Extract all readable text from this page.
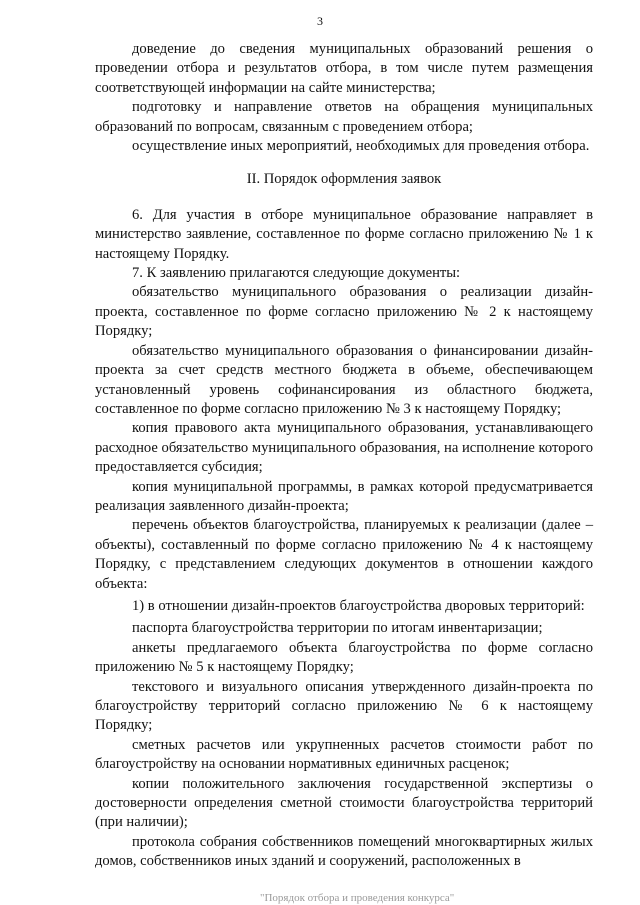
3

доведение до сведения муниципальных образований решения о проведении отбора и результатов отбора, в том числе путем размещения соответствующей информации на сайте министерства;

подготовку и направление ответов на обращения муниципальных образований по вопросам, связанным с проведением отбора;

осуществление иных мероприятий, необходимых для проведения отбора.

II. Порядок оформления заявок

6. Для участия в отборе муниципальное образование направляет в министерство заявление, составленное по форме согласно приложению № 1 к настоящему Порядку.

7. К заявлению прилагаются следующие документы:

обязательство муниципального образования о реализации дизайн-проекта, составленное по форме согласно приложению № 2 к настоящему Порядку;

обязательство муниципального образования о финансировании дизайн-проекта за счет средств местного бюджета в объеме, обеспечивающем установленный уровень софинансирования из областного бюджета, составленное по форме согласно приложению № 3 к настоящему Порядку;

копия правового акта муниципального образования, устанавливающего расходное обязательство муниципального образования, на исполнение которого предоставляется субсидия;

копия муниципальной программы, в рамках которой предусматривается реализация заявленного дизайн-проекта;

перечень объектов благоустройства, планируемых к реализации (далее – объекты), составленный по форме согласно приложению № 4 к настоящему Порядку, с представлением следующих документов в отношении каждого объекта:

1) в отношении дизайн-проектов благоустройства дворовых территорий:

паспорта благоустройства территории по итогам инвентаризации;

анкеты предлагаемого объекта благоустройства по форме согласно приложению № 5 к настоящему Порядку;

текстового и визуального описания утвержденного дизайн-проекта по благоустройству территорий согласно приложению № 6 к настоящему Порядку;

сметных расчетов или укрупненных расчетов стоимости работ по благоустройству на основании нормативных единичных расценок;

копии положительного заключения государственной экспертизы о достоверности определения сметной стоимости благоустройства территорий (при наличии);

протокола собрания собственников помещений многоквартирных жилых домов, собственников иных зданий и сооружений, расположенных в

"Порядок отбора и проведения конкурса"
